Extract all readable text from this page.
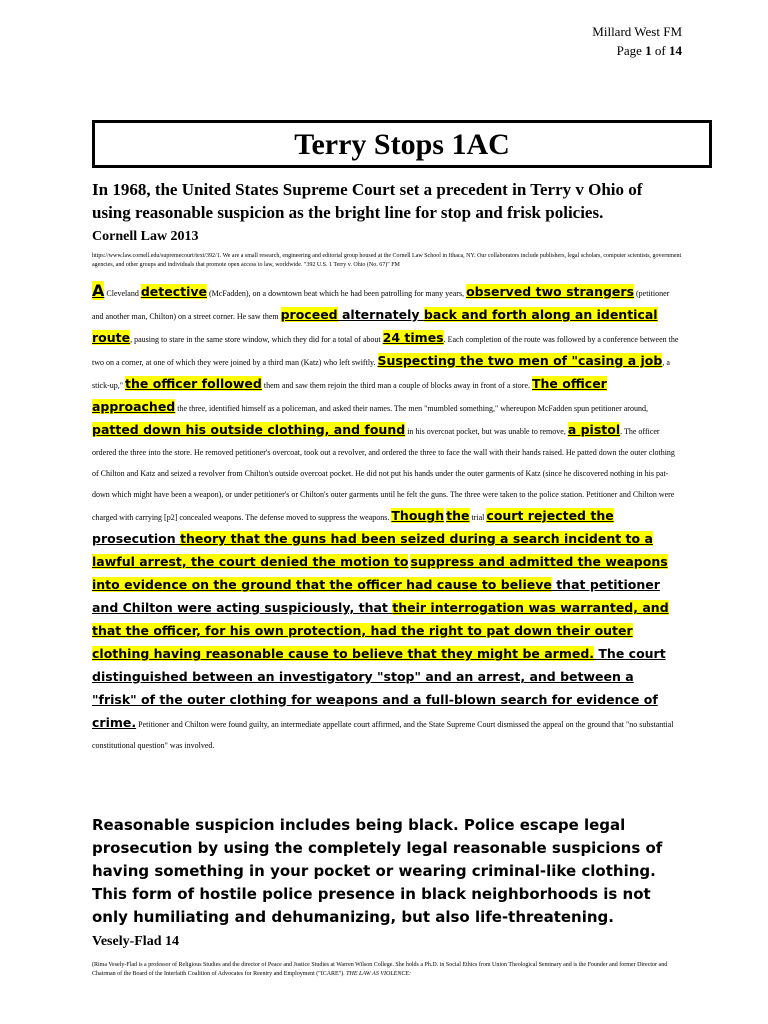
Millard West FM
Page 1 of 14
Terry Stops 1AC

In 1968, the United States Supreme Court set a precedent in Terry v Ohio of using reasonable suspicion as the bright line for stop and frisk policies.

Cornell Law 2013

https://www.law.cornell.edu/supremecourt/text/392/1. We are a small research, engineering and editorial group housed at the Cornell Law School in Ithaca, NY. Our collaborators include publishers, legal scholars, computer scientists, government agencies, and other groups and individuals that promote open access to law, worldwide. "392 U.S. 1 Terry v. Ohio (No. 67)" FM

A Cleveland detective (McFadden), on a downtown beat which he had been patrolling for many years, observed two strangers (petitioner and another man, Chilton) on a street corner. He saw them proceed alternately back and forth along an identical route, pausing to stare in the same store window, which they did for a total of about 24 times. Each completion of the route was followed by a conference between the two on a corner, at one of which they were joined by a third man (Katz) who left swiftly. Suspecting the two men of "casing a job, a stick-up," the officer followed them and saw them rejoin the third man a couple of blocks away in front of a store. The officer approached the three, identified himself as a policeman, and asked their names. The men "mumbled something," whereupon McFadden spun petitioner around, patted down his outside clothing, and found in his overcoat pocket, but was unable to remove, a pistol. The officer ordered the three into the store. He removed petitioner's overcoat, took out a revolver, and ordered the three to face the wall with their hands raised. He patted down the outer clothing of Chilton and Katz and seized a revolver from Chilton's outside overcoat pocket. He did not put his hands under the outer garments of Katz (since he discovered nothing in his pat-down which might have been a weapon), or under petitioner's or Chilton's outer garments until he felt the guns. The three were taken to the police station. Petitioner and Chilton were charged with carrying [p2] concealed weapons. The defense moved to suppress the weapons. Though the trial court rejected the prosecution theory that the guns had been seized during a search incident to a lawful arrest, the court denied the motion to suppress and admitted the weapons into evidence on the ground that the officer had cause to believe that petitioner and Chilton were acting suspiciously, that their interrogation was warranted, and that the officer, for his own protection, had the right to pat down their outer clothing having reasonable cause to believe that they might be armed. The court distinguished between an investigatory "stop" and an arrest, and between a "frisk" of the outer clothing for weapons and a full-blown search for evidence of crime. Petitioner and Chilton were found guilty, an intermediate appellate court affirmed, and the State Supreme Court dismissed the appeal on the ground that "no substantial constitutional question" was involved.

Reasonable suspicion includes being black. Police escape legal prosecution by using the completely legal reasonable suspicions of having something in your pocket or wearing criminal-like clothing. This form of hostile police presence in black neighborhoods is not only humiliating and dehumanizing, but also life-threatening.

Vesely-Flad 14

(Rima Vesely-Flad is a professor of Religious Studies and the director of Peace and Justice Studies at Warren Wilson College. She holds a Ph.D. in Social Ethics from Union Theological Seminary and is the Founder and former Director and Chairman of the Board of the Interfaith Coalition of Advocates for Reentry and Employment ("ICARE"). THE LAW AS VIOLENCE:
